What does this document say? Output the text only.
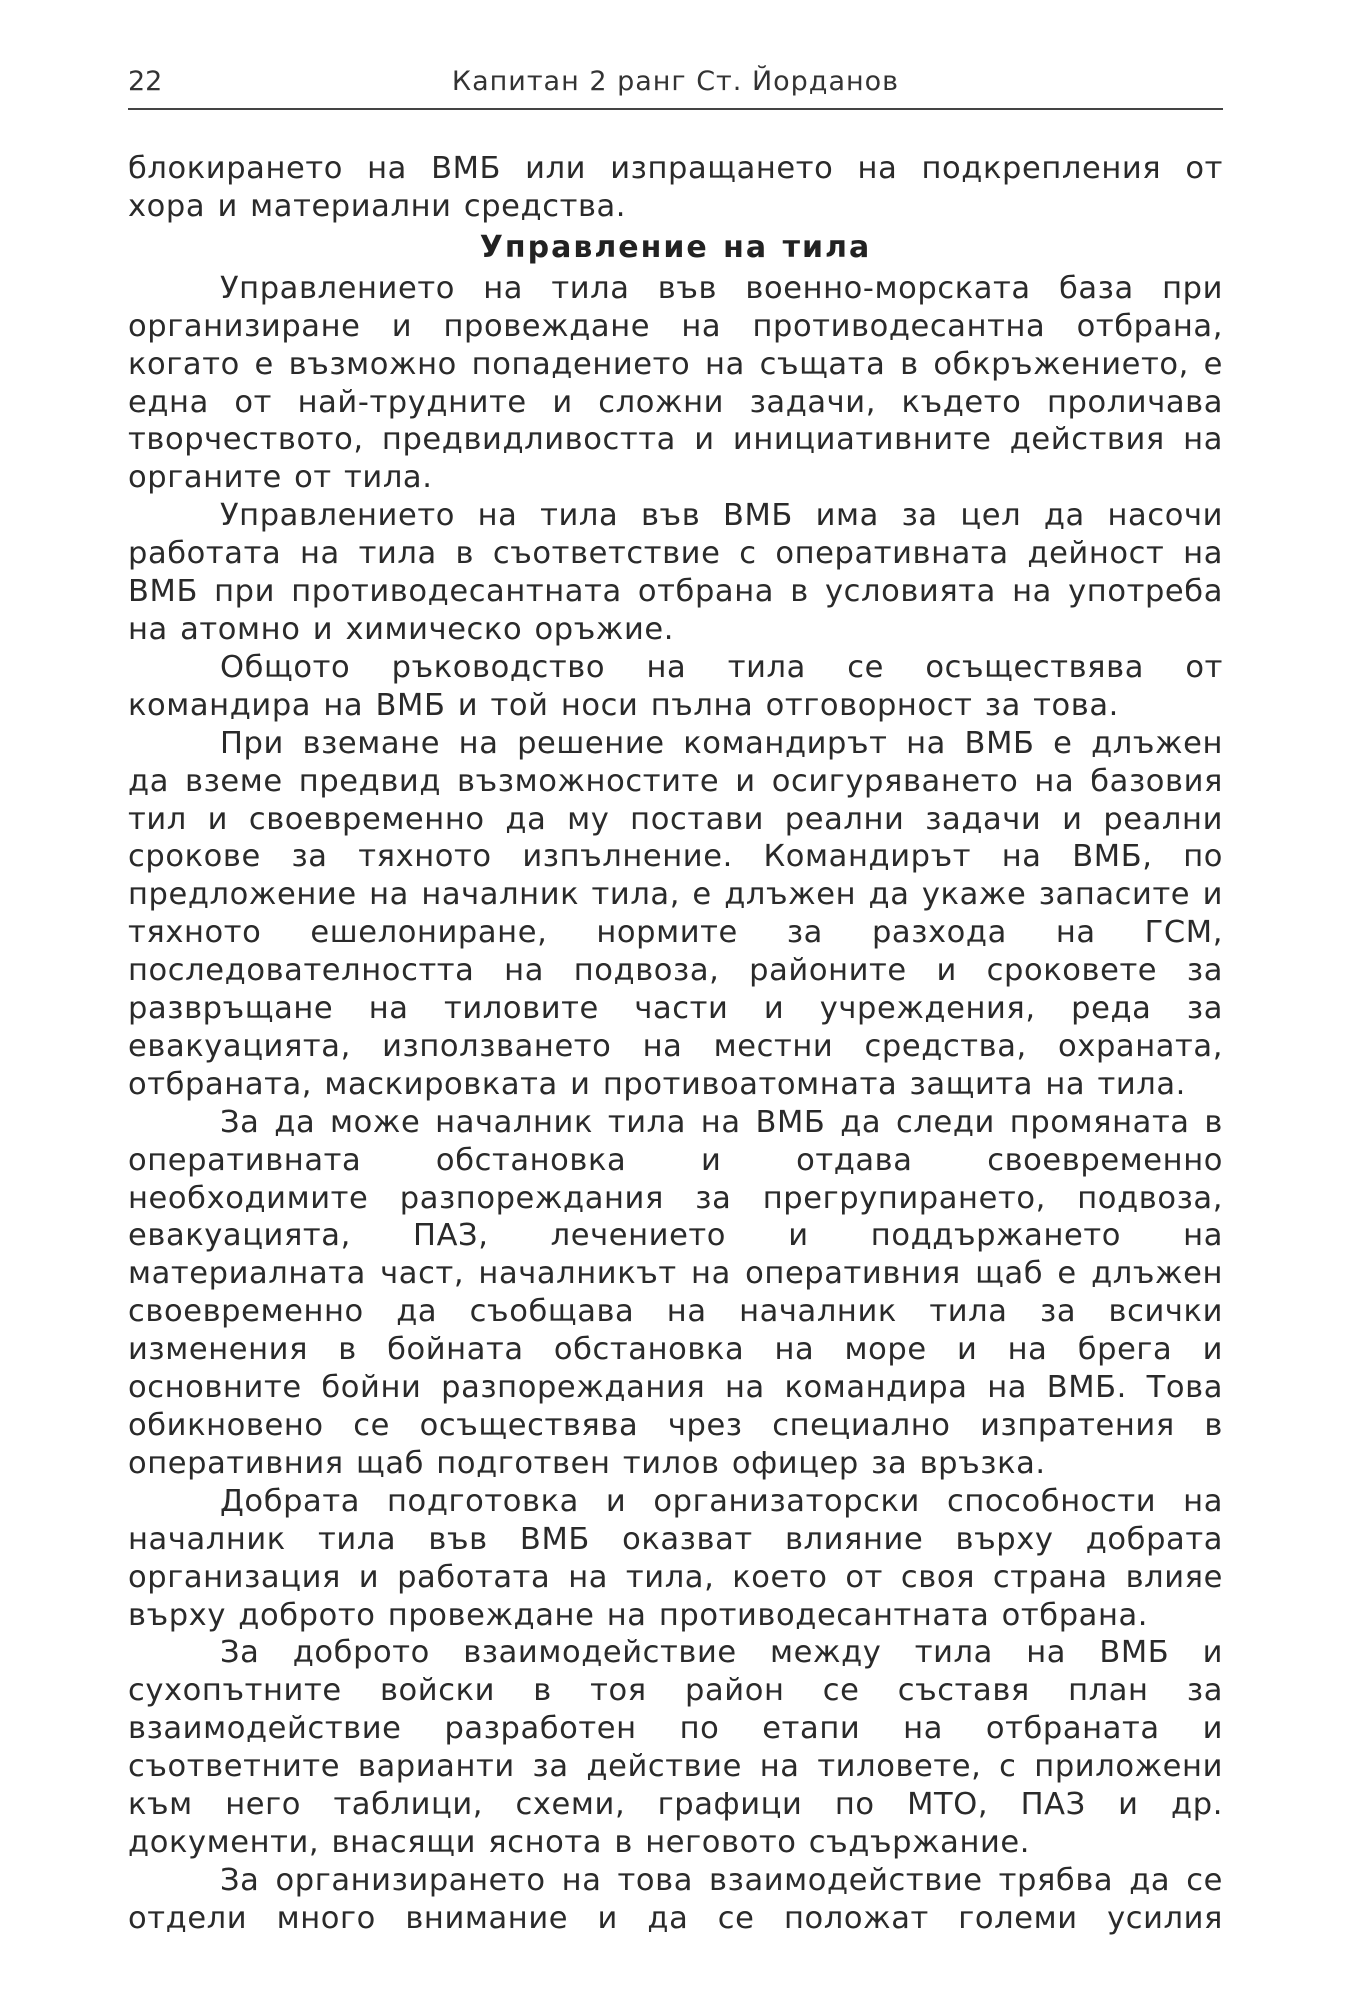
22	Капитан 2 ранг Ст. Йорданов

блокирането на ВМБ или изпращането на подкрепления от хора и материални средства.

Управление на тила

Управлението на тила във военно-морската база при организиране и провеждане на противодесантна отбрана, когато е възможно попадението на същата в обкръжението, е една от най-трудните и сложни задачи, където проличава творчеството, предвидливостта и инициативните действия на органите от тила.

Управлението на тила във ВМБ има за цел да насочи работата на тила в съответствие с оперативната дейност на ВМБ при противодесантната отбрана в условията на употреба на атомно и химическо оръжие.

Общото ръководство на тила се осъществява от командира на ВМБ и той носи пълна отговорност за това.

При вземане на решение командирът на ВМБ е длъжен да вземе предвид възможностите и осигуряването на базовия тил и своевременно да му постави реални задачи и реални срокове за тяхното изпълнение. Командирът на ВМБ, по предложение на началник тила, е длъжен да укаже запасите и тяхното ешелониране, нормите за разхода на ГСМ, последователността на подвоза, районите и сроковете за развръщане на тиловите части и учреждения, реда за евакуацията, използването на местни средства, охраната, отбраната, маскировката и противоатомната защита на тила.

За да може началник тила на ВМБ да следи промяната в оперативната обстановка и отдава своевременно необходимите разпореждания за прегрупирането, подвоза, евакуацията, ПАЗ, лечението и поддържането на материалната част, началникът на оперативния щаб е длъжен своевременно да съобщава на началник тила за всички изменения в бойната обстановка на море и на брега и основните бойни разпореждания на командира на ВМБ. Това обикновено се осъществява чрез специално изпратения в оперативния щаб подготвен тилов офицер за връзка.

Добрата подготовка и организаторски способности на началник тила във ВМБ оказват влияние върху добрата организация и работата на тила, което от своя страна влияе върху доброто провеждане на противодесантната отбрана.

За доброто взаимодействие между тила на ВМБ и сухопътните войски в тоя район се съставя план за взаимодействие разработен по етапи на отбраната и съответните варианти за действие на тиловете, с приложени към него таблици, схеми, графици по МТО, ПАЗ и др. документи, внасящи яснота в неговото съдържание.

За организирането на това взаимодействие трябва да се отдели много внимание и да се положат големи усилия
